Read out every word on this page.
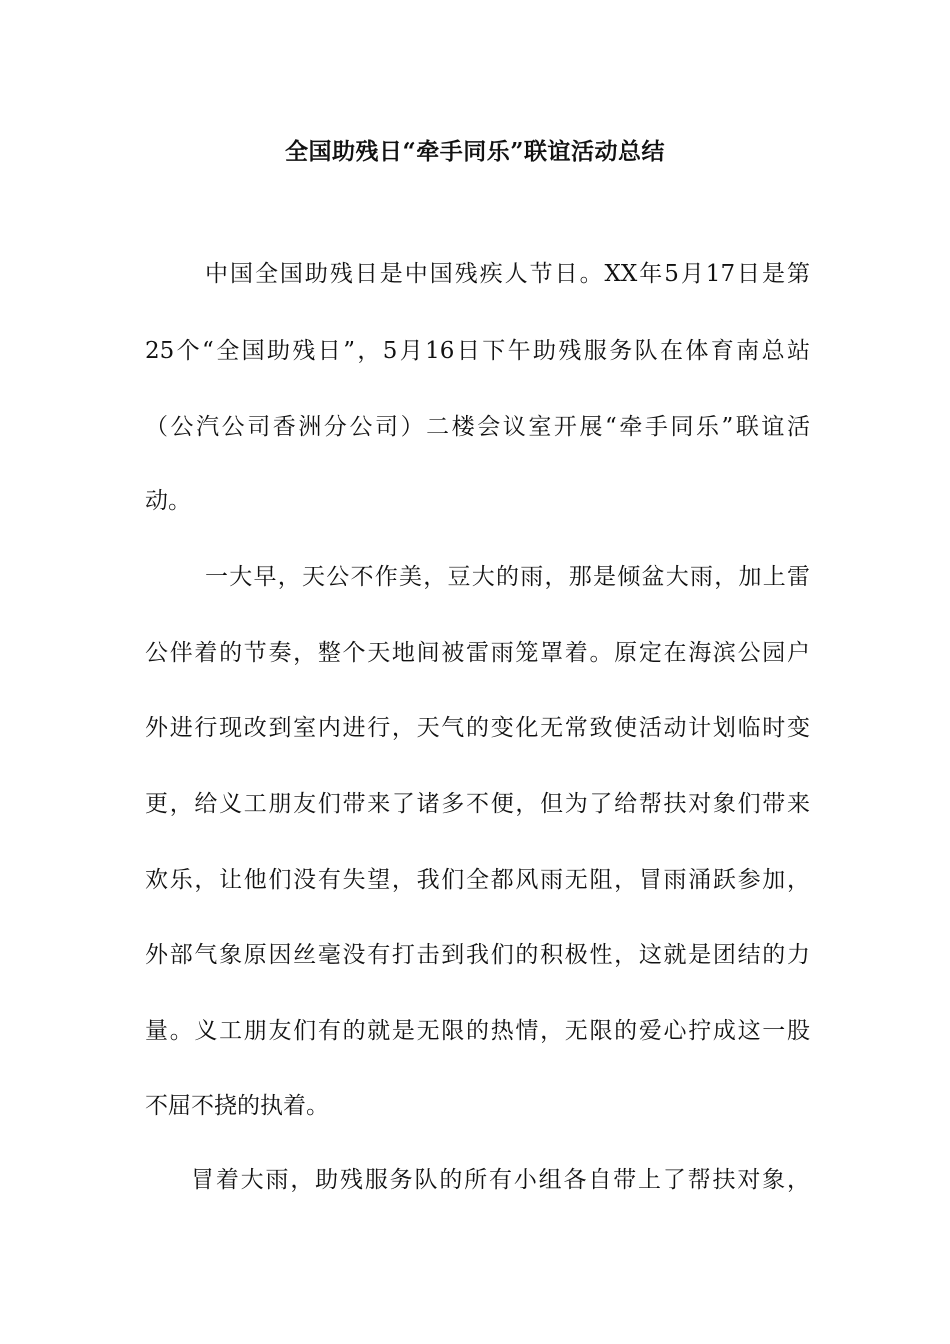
全国助残日“牵手同乐”联谊活动总结
中国全国助残日是中国残疾人节日。XX年5月17日是第
25个“全国助残日”，5月16日下午助残服务队在体育南总站
（公汽公司香洲分公司）二楼会议室开展“牵手同乐”联谊活
动。
一大早，天公不作美，豆大的雨，那是倾盆大雨，加上雷
公伴着的节奏，整个天地间被雷雨笼罩着。原定在海滨公园户
外进行现改到室内进行，天气的变化无常致使活动计划临时变
更，给义工朋友们带来了诸多不便，但为了给帮扶对象们带来
欢乐，让他们没有失望，我们全都风雨无阻，冒雨涌跃参加，
外部气象原因丝毫没有打击到我们的积极性，这就是团结的力
量。义工朋友们有的就是无限的热情，无限的爱心拧成这一股
不屈不挠的执着。
冒着大雨，助残服务队的所有小组各自带上了帮扶对象，
